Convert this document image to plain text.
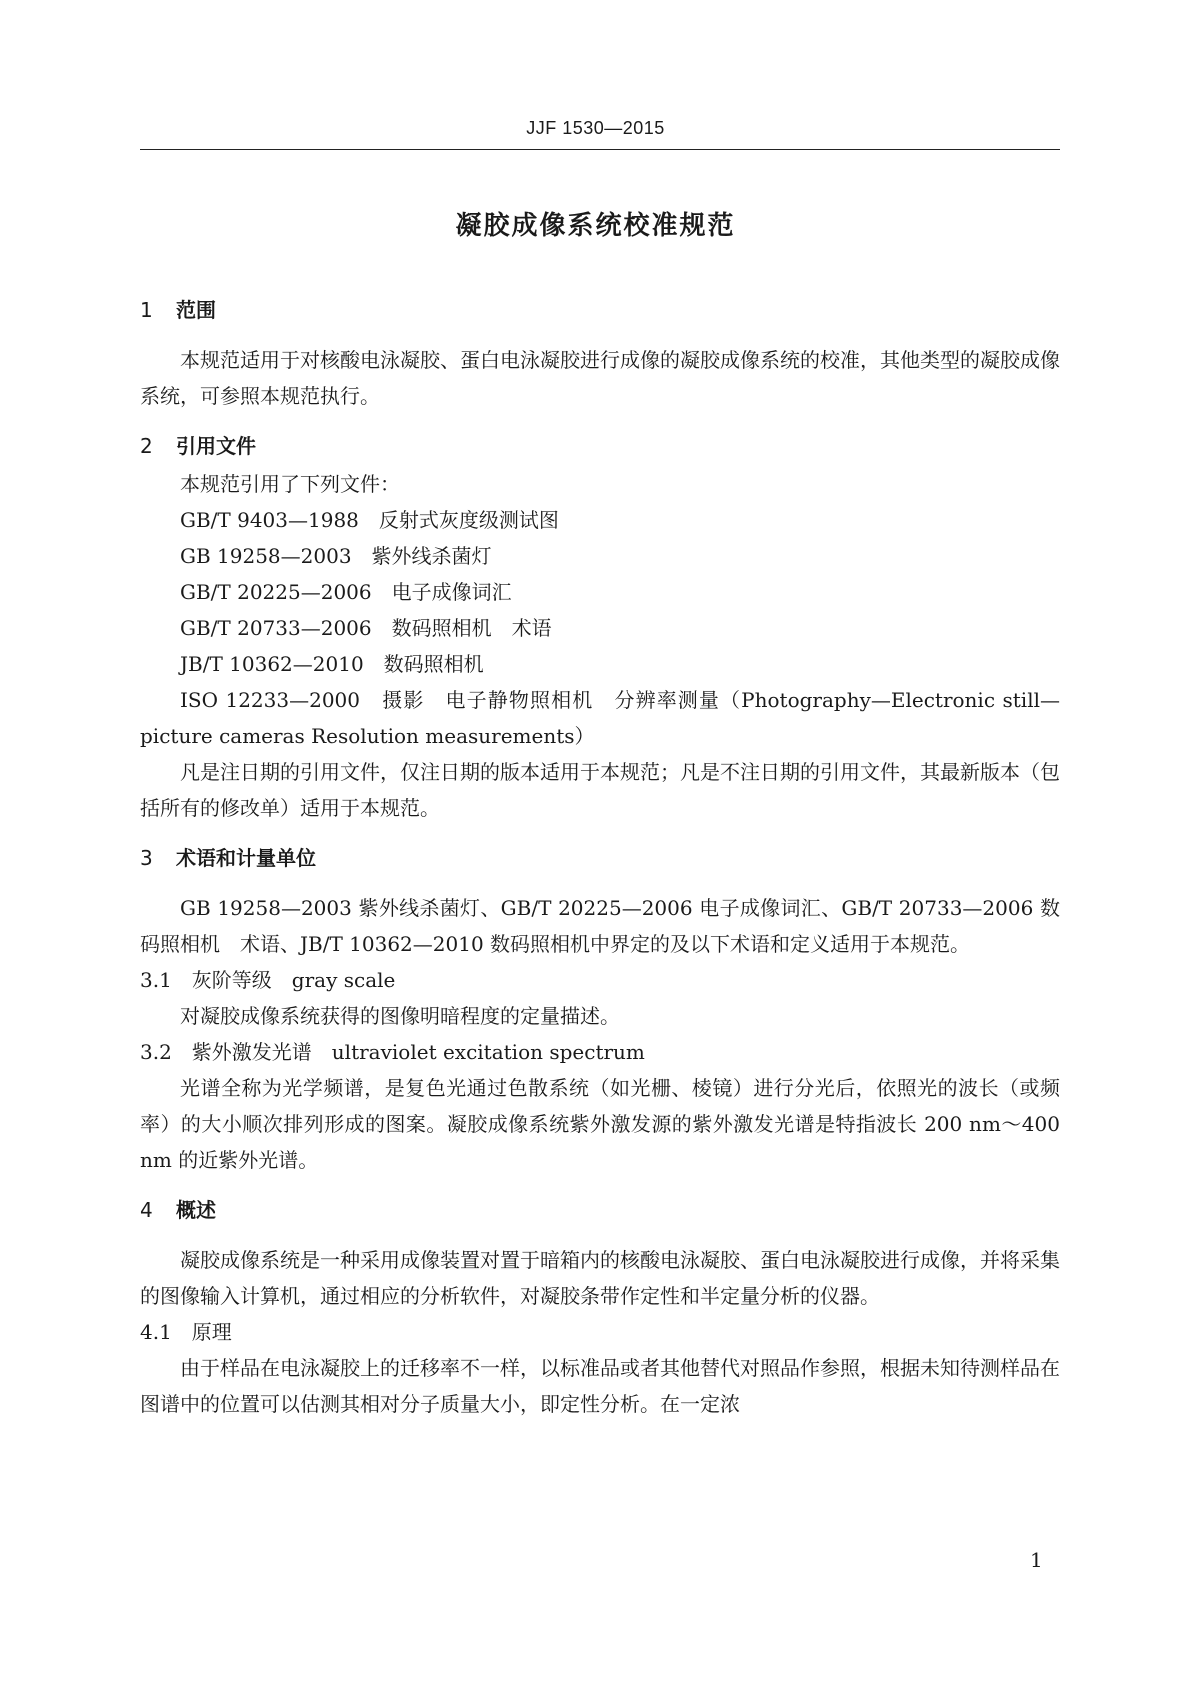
JJF 1530—2015
凝胶成像系统校准规范
1 范围

本规范适用于对核酸电泳凝胶、蛋白电泳凝胶进行成像的凝胶成像系统的校准，其他类型的凝胶成像系统，可参照本规范执行。

2 引用文件

本规范引用了下列文件：

GB/T 9403—1988　反射式灰度级测试图

GB 19258—2003　紫外线杀菌灯

GB/T 20225—2006　电子成像词汇

GB/T 20733—2006　数码照相机　术语

JB/T 10362—2010　数码照相机

ISO 12233—2000　摄影　电子静物照相机　分辨率测量（Photography—Electronic still—picture cameras Resolution measurements）

凡是注日期的引用文件，仅注日期的版本适用于本规范；凡是不注日期的引用文件，其最新版本（包括所有的修改单）适用于本规范。

3 术语和计量单位

GB 19258—2003 紫外线杀菌灯、GB/T 20225—2006 电子成像词汇、GB/T 20733—2006 数码照相机　术语、JB/T 10362—2010 数码照相机中界定的及以下术语和定义适用于本规范。

3.1　灰阶等级　gray scale

对凝胶成像系统获得的图像明暗程度的定量描述。

3.2　紫外激发光谱　ultraviolet excitation spectrum

光谱全称为光学频谱，是复色光通过色散系统（如光栅、棱镜）进行分光后，依照光的波长（或频率）的大小顺次排列形成的图案。凝胶成像系统紫外激发源的紫外激发光谱是特指波长 200 nm～400 nm 的近紫外光谱。

4 概述

凝胶成像系统是一种采用成像装置对置于暗箱内的核酸电泳凝胶、蛋白电泳凝胶进行成像，并将采集的图像输入计算机，通过相应的分析软件，对凝胶条带作定性和半定量分析的仪器。

4.1　原理

由于样品在电泳凝胶上的迁移率不一样，以标准品或者其他替代对照品作参照，根据未知待测样品在图谱中的位置可以估测其相对分子质量大小，即定性分析。在一定浓

1
